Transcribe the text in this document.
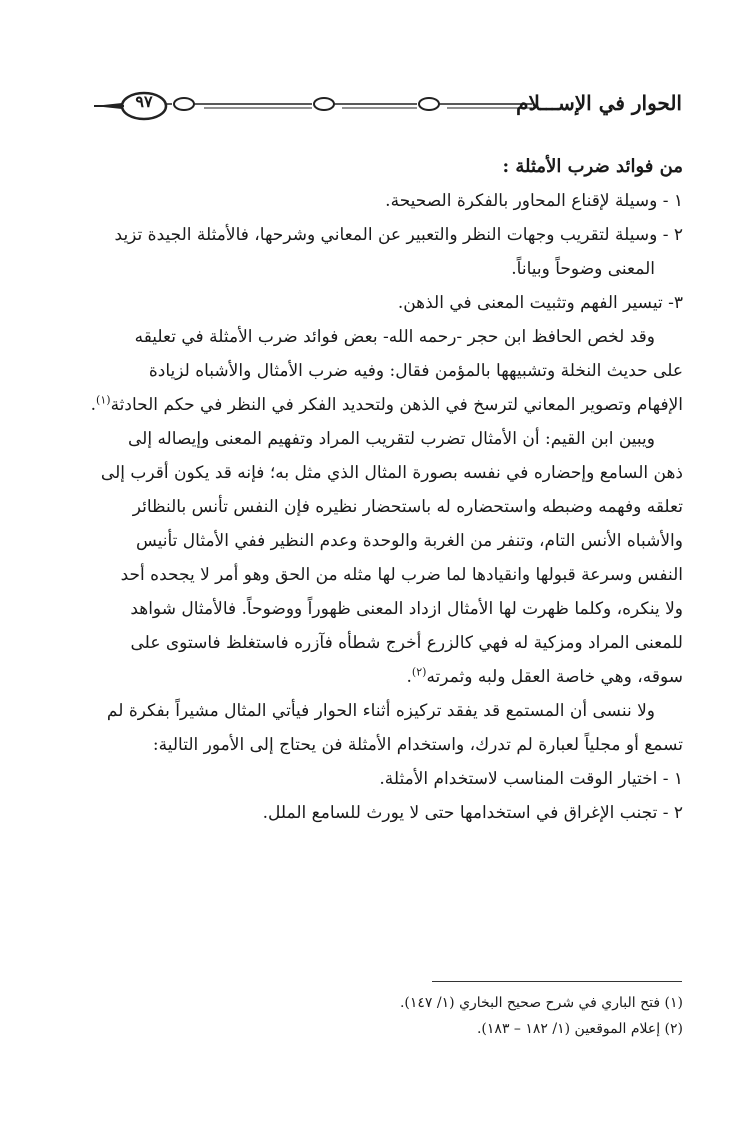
٩٧	الحوار في الإســـلام
من فوائد ضرب الأمثلة :
١ - وسيلة لإقناع المحاور بالفكرة الصحيحة.
٢ - وسيلة لتقريب وجهات النظر والتعبير عن المعاني وشرحها، فالأمثلة الجيدة تزيد
المعنى وضوحاً وبياناً.
٣- تيسير الفهم وتثبيت المعنى في الذهن.
وقد لخص الحافظ ابن حجر -رحمه الله- بعض فوائد ضرب الأمثلة في تعليقه
على حديث النخلة وتشبيهها بالمؤمن فقال: وفيه ضرب الأمثال والأشباه لزيادة
الإفهام وتصوير المعاني لترسخ في الذهن ولتحديد الفكر في النظر في حكم الحادثة$^{(١)}$.
ويبين ابن القيم: أن الأمثال تضرب لتقريب المراد وتفهيم المعنى وإيصاله إلى
ذهن السامع وإحضاره في نفسه بصورة المثال الذي مثل به؛ فإنه قد يكون أقرب إلى
تعلقه وفهمه وضبطه واستحضاره له باستحضار نظيره فإن النفس تأنس بالنظائر
والأشباه الأنس التام، وتنفر من الغربة والوحدة وعدم النظير ففي الأمثال تأنيس
النفس وسرعة قبولها وانقيادها لما ضرب لها مثله من الحق وهو أمر لا يجحده أحد
ولا ينكره، وكلما ظهرت لها الأمثال ازداد المعنى ظهوراً ووضوحاً. فالأمثال شواهد
للمعنى المراد ومزكية له فهي كالزرع أخرج شطأه فآزره فاستغلظ فاستوى على
سوقه، وهي خاصة العقل ولبه وثمرته$^{(٢)}$.
ولا ننسى أن المستمع قد يفقد تركيزه أثناء الحوار فيأتي المثال مشيراً بفكرة لم
تسمع أو مجلياً لعبارة لم تدرك، واستخدام الأمثلة فن يحتاج إلى الأمور التالية:
١ - اختيار الوقت المناسب لاستخدام الأمثلة.
٢ - تجنب الإغراق في استخدامها حتى لا يورث للسامع الملل.
(١) فتح الباري في شرح صحيح البخاري (١/ ١٤٧).
(٢) إعلام الموقعين (١/ ١٨٢ – ١٨٣).
